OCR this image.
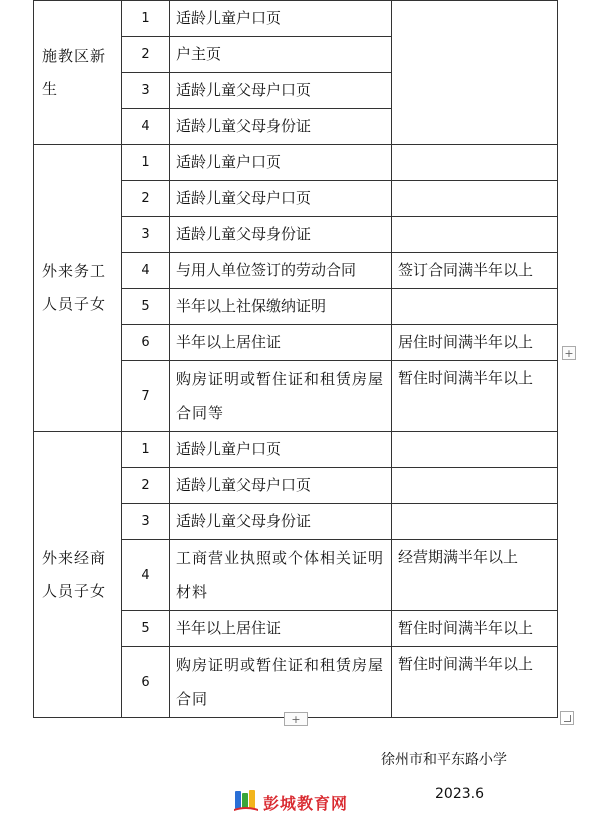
施教区新生	1	适龄儿童户口页	
	2	户主页	
	3	适龄儿童父母户口页	
	4	适龄儿童父母身份证	
外来务工人员子女	1	适龄儿童户口页	
	2	适龄儿童父母户口页	
	3	适龄儿童父母身份证	
	4	与用人单位签订的劳动合同	签订合同满半年以上
	5	半年以上社保缴纳证明	
	6	半年以上居住证	居住时间满半年以上
	7	购房证明或暂住证和租赁房屋合同等	暂住时间满半年以上
外来经商人员子女	1	适龄儿童户口页	
	2	适龄儿童父母户口页	
	3	适龄儿童父母身份证	
	4	工商营业执照或个体相关证明材料	经营期满半年以上
	5	半年以上居住证	暂住时间满半年以上
	6	购房证明或暂住证和租赁房屋合同	暂住时间满半年以上
+
+
徐州市和平东路小学
2023.6
彭城教育网
